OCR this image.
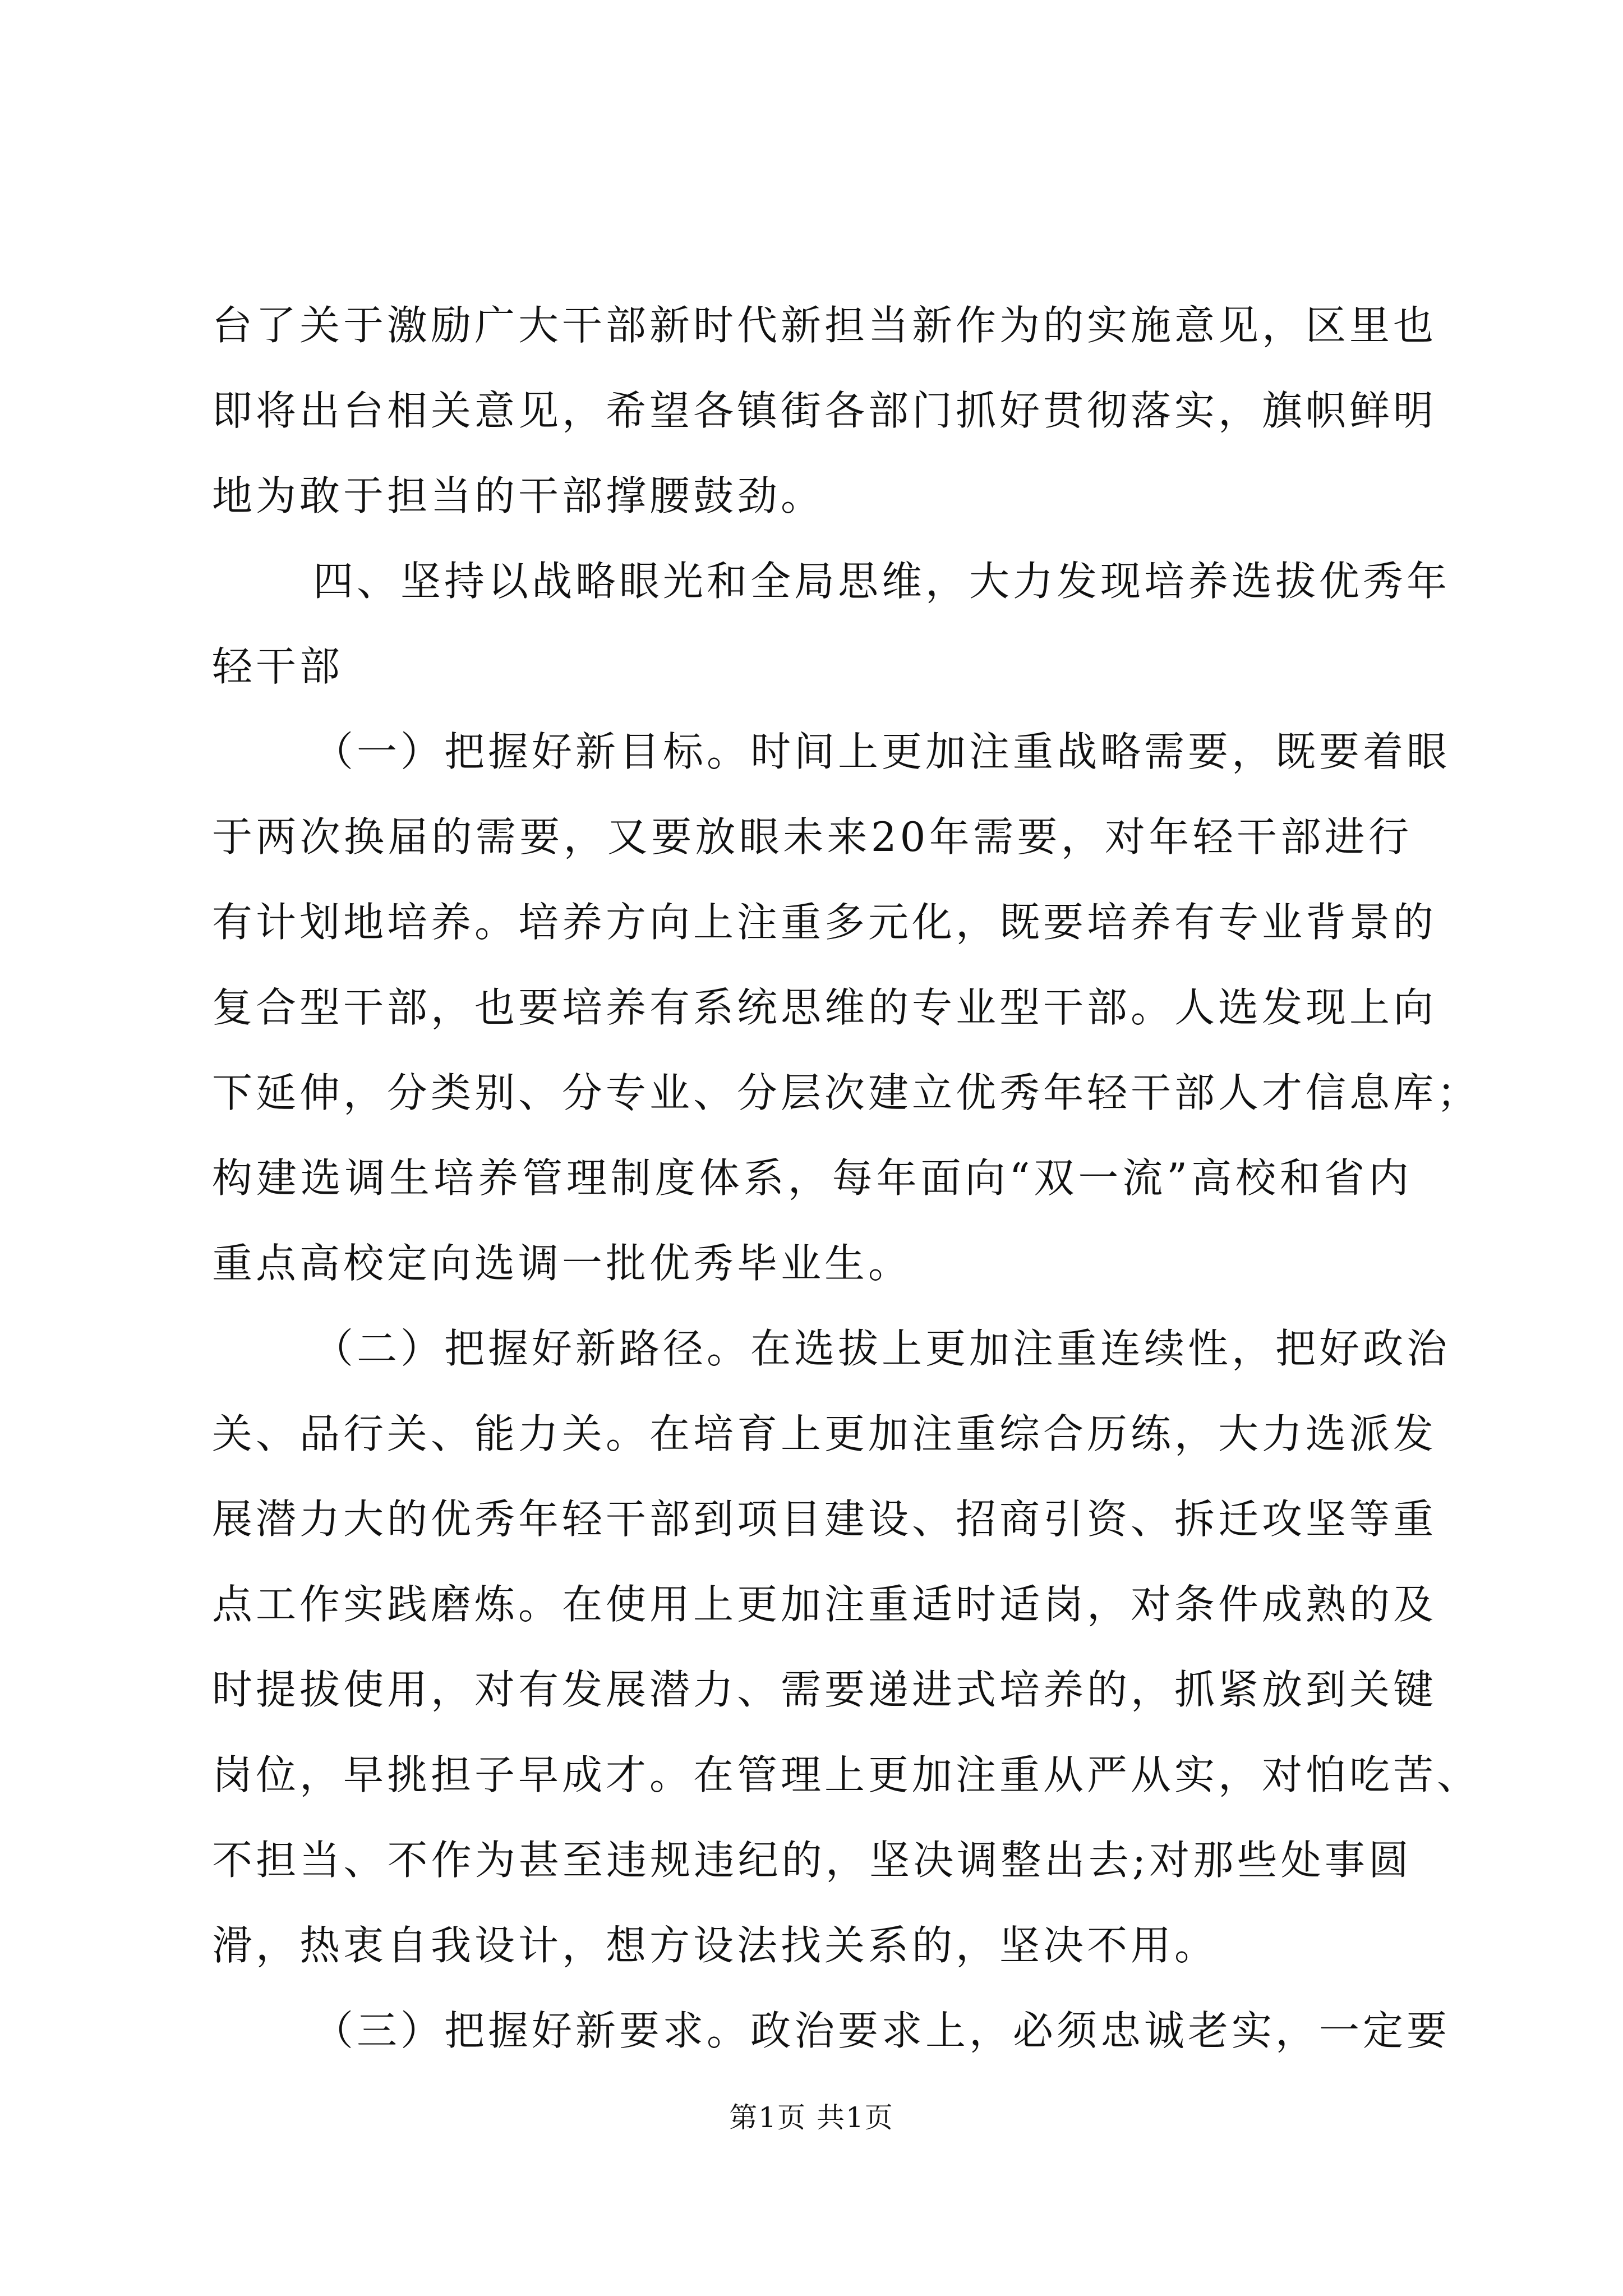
台了关于激励广大干部新时代新担当新作为的实施意见，区里也
即将出台相关意见，希望各镇街各部门抓好贯彻落实，旗帜鲜明
地为敢于担当的干部撑腰鼓劲。
四、坚持以战略眼光和全局思维，大力发现培养选拔优秀年
轻干部
（一）把握好新目标。时间上更加注重战略需要，既要着眼
于两次换届的需要，又要放眼未来20年需要，对年轻干部进行
有计划地培养。培养方向上注重多元化，既要培养有专业背景的
复合型干部，也要培养有系统思维的专业型干部。人选发现上向
下延伸，分类别、分专业、分层次建立优秀年轻干部人才信息库；
构建选调生培养管理制度体系，每年面向“双一流”高校和省内
重点高校定向选调一批优秀毕业生。
（二）把握好新路径。在选拔上更加注重连续性，把好政治
关、品行关、能力关。在培育上更加注重综合历练，大力选派发
展潜力大的优秀年轻干部到项目建设、招商引资、拆迁攻坚等重
点工作实践磨炼。在使用上更加注重适时适岗，对条件成熟的及
时提拔使用，对有发展潜力、需要递进式培养的，抓紧放到关键
岗位，早挑担子早成才。在管理上更加注重从严从实，对怕吃苦、
不担当、不作为甚至违规违纪的，坚决调整出去;对那些处事圆
滑，热衷自我设计，想方设法找关系的，坚决不用。
（三）把握好新要求。政治要求上，必须忠诚老实，一定要
第1页 共1页
